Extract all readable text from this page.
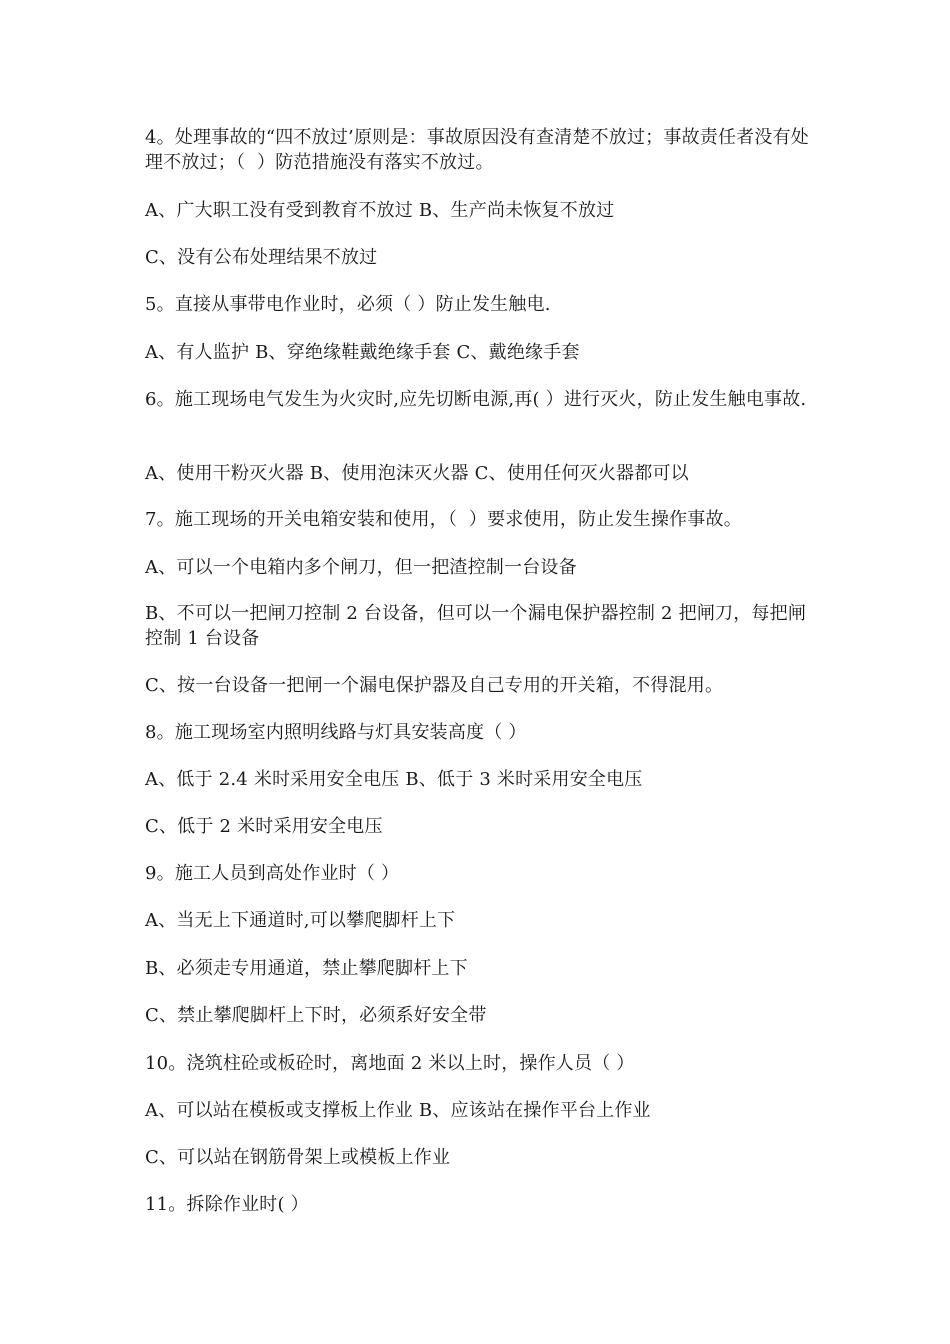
4。处理事故的“四不放过’原则是：事故原因没有查清楚不放过；事故责任者没有处理不放过；（  ）防范措施没有落实不放过。
A、广大职工没有受到教育不放过 B、生产尚未恢复不放过
C、没有公布处理结果不放过
5。直接从事带电作业时，必须（ ）防止发生触电.
A、有人监护 B、穿绝缘鞋戴绝缘手套 C、戴绝缘手套
6。施工现场电气发生为火灾时,应先切断电源,再( ）进行灭火，防止发生触电事故.
A、使用干粉灭火器 B、使用泡沫灭火器 C、使用任何灭火器都可以
7。施工现场的开关电箱安装和使用，（  ）要求使用，防止发生操作事故。
A、可以一个电箱内多个闸刀，但一把渣控制一台设备
B、不可以一把闸刀控制 2 台设备，但可以一个漏电保护器控制 2 把闸刀，每把闸控制 1 台设备
C、按一台设备一把闸一个漏电保护器及自己专用的开关箱，不得混用。
8。施工现场室内照明线路与灯具安装高度（ ）
A、低于 2.4 米时采用安全电压 B、低于 3 米时采用安全电压
C、低于 2 米时采用安全电压
9。施工人员到高处作业时（ ）
A、当无上下通道时,可以攀爬脚杆上下
B、必须走专用通道，禁止攀爬脚杆上下
C、禁止攀爬脚杆上下时，必须系好安全带
10。浇筑柱砼或板砼时，离地面 2 米以上时，操作人员（ ）
A、可以站在模板或支撑板上作业 B、应该站在操作平台上作业
C、可以站在钢筋骨架上或模板上作业
11。拆除作业时( ）
